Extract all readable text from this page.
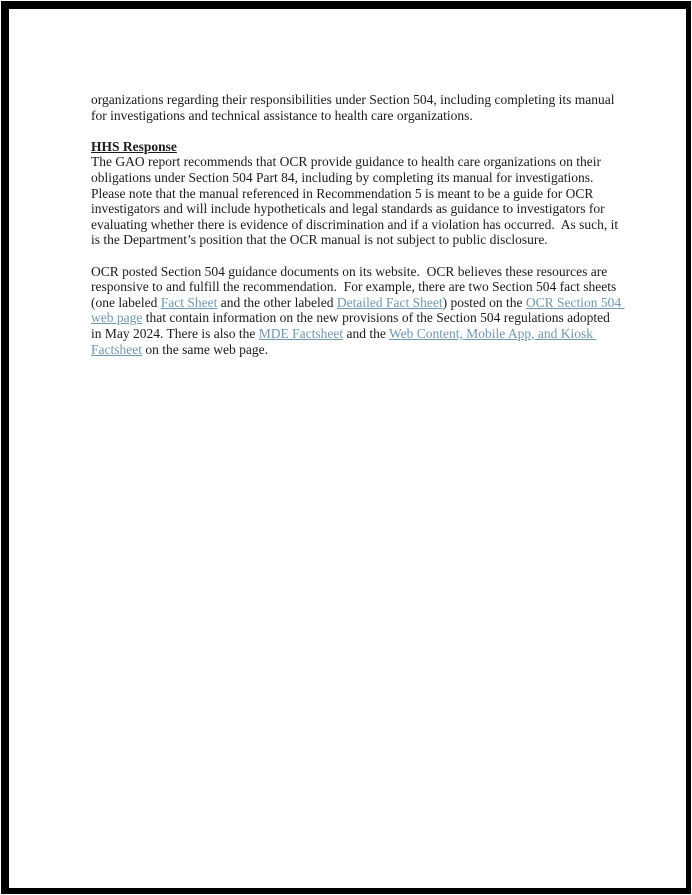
organizations regarding their responsibilities under Section 504, including completing its manual for investigations and technical assistance to health care organizations.

HHS Response

The GAO report recommends that OCR provide guidance to health care organizations on their obligations under Section 504 Part 84, including by completing its manual for investigations.  Please note that the manual referenced in Recommendation 5 is meant to be a guide for OCR investigators and will include hypotheticals and legal standards as guidance to investigators for evaluating whether there is evidence of discrimination and if a violation has occurred.  As such, it is the Department’s position that the OCR manual is not subject to public disclosure.

OCR posted Section 504 guidance documents on its website.  OCR believes these resources are responsive to and fulfill the recommendation.  For example, there are two Section 504 fact sheets (one labeled Fact Sheet and the other labeled Detailed Fact Sheet) posted on the OCR Section 504 web page that contain information on the new provisions of the Section 504 regulations adopted in May 2024. There is also the MDE Factsheet and the Web Content, Mobile App, and Kiosk Factsheet on the same web page.
